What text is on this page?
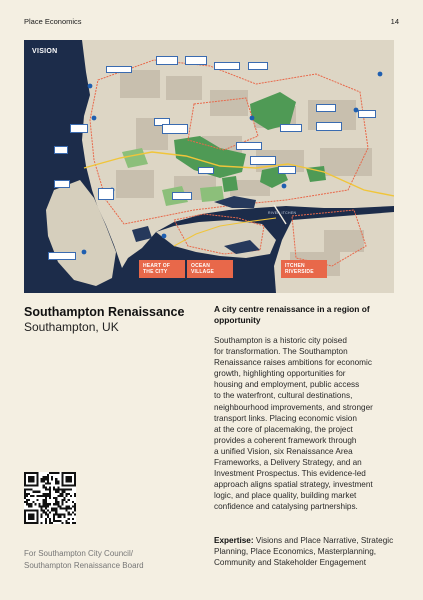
Place Economics	14
VISION
RIVER ITCHEN
HEART OF
THE CITY
OCEAN
VILLAGE
ITCHEN
RIVERSIDE
Southampton Renaissance
Southampton, UK
A city centre renaissance in a region of opportunity
Southampton is a historic city poised
for transformation. The Southampton
Renaissance raises ambitions for economic
growth, highlighting opportunities for
housing and employment, public access
to the waterfront, cultural destinations,
neighbourhood improvements, and stronger
transport links. Placing economic vision
at the core of placemaking, the project
provides a coherent framework through
a unified Vision, six Renaissance Area
Frameworks, a Delivery Strategy, and an
Investment Prospectus. This evidence-led
approach aligns spatial strategy, investment
logic, and place quality, building market
confidence and catalysing partnerships.
Expertise: Visions and Place Narrative, Strategic Planning, Place Economics, Masterplanning, Community and Stakeholder Engagement
For Southampton City Council/
Southampton Renaissance Board
